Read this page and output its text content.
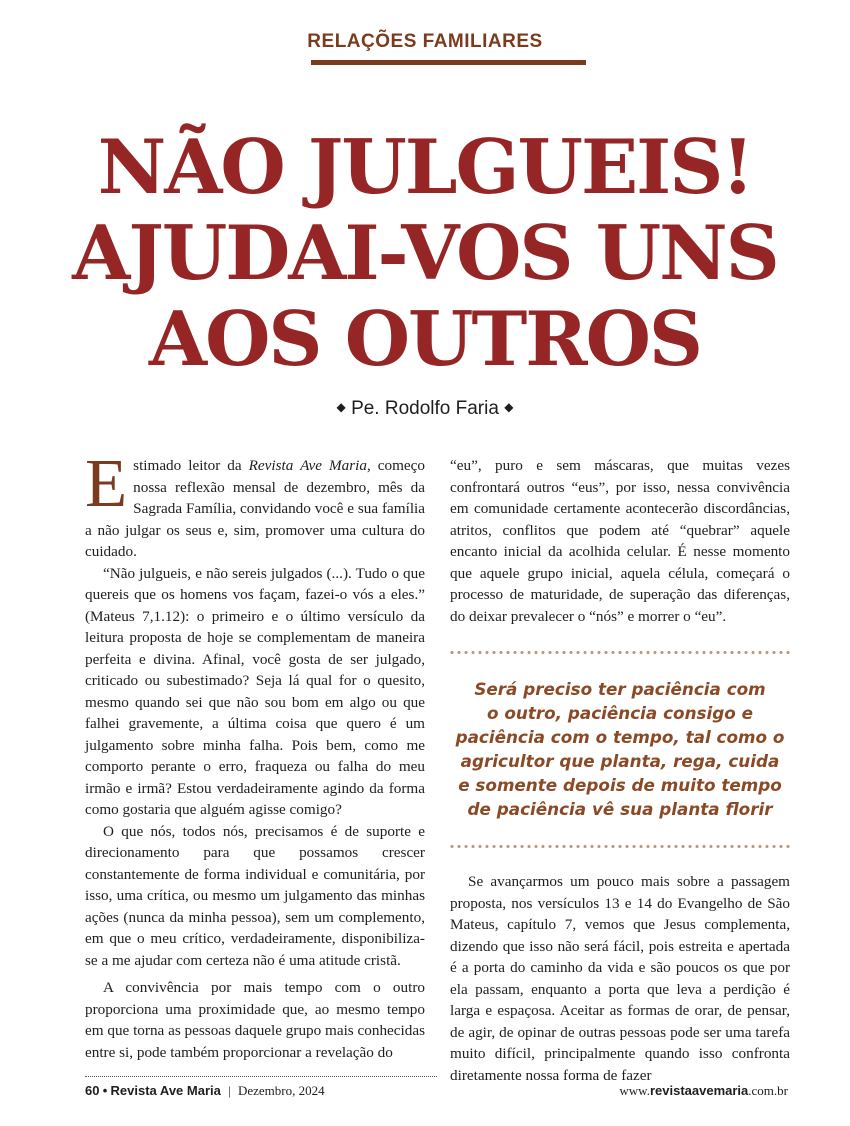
RELAÇÕES FAMILIARES
NÃO JULGUEIS!
AJUDAI-VOS UNS
AOS OUTROS
◆ Pe. Rodolfo Faria ◆

Estimado leitor da Revista Ave Maria, começo nossa reflexão mensal de dezembro, mês da Sagrada Família, convidando você e sua família a não julgar os seus e, sim, promover uma cultura do cuidado.

“Não julgueis, e não sereis julgados (...). Tudo o que quereis que os homens vos façam, fazei-o vós a eles.” (Mateus 7,1.12): o primeiro e o último versículo da leitura proposta de hoje se complementam de maneira perfeita e divina. Afinal, você gosta de ser julgado, criticado ou subestimado? Seja lá qual for o quesito, mesmo quando sei que não sou bom em algo ou que falhei gravemente, a última coisa que quero é um julgamento sobre minha falha. Pois bem, como me comporto perante o erro, fraqueza ou falha do meu irmão e irmã? Estou verdadeiramente agindo da forma como gostaria que alguém agisse comigo?

O que nós, todos nós, precisamos é de suporte e direcionamento para que possamos crescer constantemente de forma individual e comunitária, por isso, uma crítica, ou mesmo um julgamento das minhas ações (nunca da minha pessoa), sem um complemento, em que o meu crítico, verdadeiramente, disponibiliza-se a me ajudar com certeza não é uma atitude cristã.

A convivência por mais tempo com o outro proporciona uma proximidade que, ao mesmo tempo em que torna as pessoas daquele grupo mais conhecidas entre si, pode também proporcionar a revelação do

“eu”, puro e sem máscaras, que muitas vezes confrontará outros “eus”, por isso, nessa convivência em comunidade certamente acontecerão discordâncias, atritos, conflitos que podem até “quebrar” aquele encanto inicial da acolhida celular. É nesse momento que aquele grupo inicial, aquela célula, começará o processo de maturidade, de superação das diferenças, do deixar prevalecer o “nós” e morrer o “eu”.

Será preciso ter paciência com
o outro, paciência consigo e
paciência com o tempo, tal como o
agricultor que planta, rega, cuida
e somente depois de muito tempo
de paciência vê sua planta florir

Se avançarmos um pouco mais sobre a passagem proposta, nos versículos 13 e 14 do Evangelho de São Mateus, capítulo 7, vemos que Jesus complementa, dizendo que isso não será fácil, pois estreita e apertada é a porta do caminho da vida e são poucos os que por ela passam, enquanto a porta que leva a perdição é larga e espaçosa. Aceitar as formas de orar, de pensar, de agir, de opinar de outras pessoas pode ser uma tarefa muito difícil, principalmente quando isso confronta diretamente nossa forma de fazer

60 • Revista Ave Maria | Dezembro, 2024	www.revistaavemaria.com.br
